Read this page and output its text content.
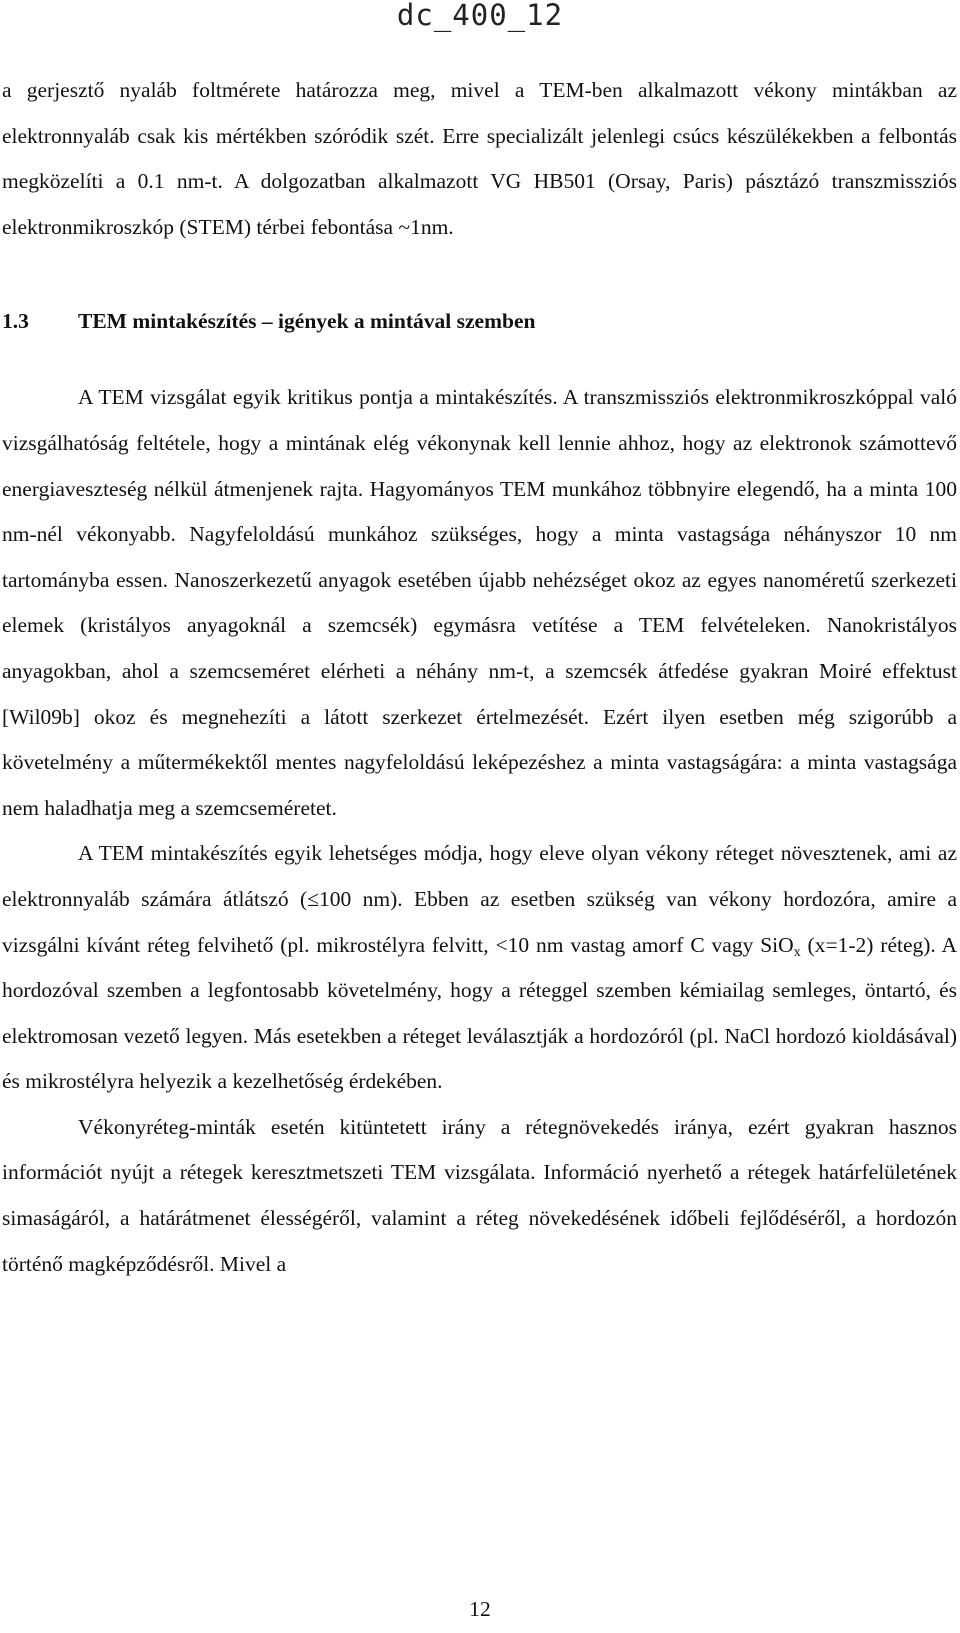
dc_400_12

a gerjesztő nyaláb foltmérete határozza meg, mivel a TEM-ben alkalmazott vékony mintákban az elektronnyaláb csak kis mértékben szóródik szét. Erre specializált jelenlegi csúcs készülékekben a felbontás megközelíti a 0.1 nm-t. A dolgozatban alkalmazott VG HB501 (Orsay, Paris) pásztázó transzmissziós elektronmikroszkóp (STEM) térbei febontása ~1nm.

1.3 TEM mintakészítés – igények a mintával szemben

A TEM vizsgálat egyik kritikus pontja a mintakészítés. A transzmissziós elektronmikroszkóppal való vizsgálhatóság feltétele, hogy a mintának elég vékonynak kell lennie ahhoz, hogy az elektronok számottevő energiaveszteség nélkül átmenjenek rajta. Hagyományos TEM munkához többnyire elegendő, ha a minta 100 nm-nél vékonyabb. Nagyfeloldású munkához szükséges, hogy a minta vastagsága néhányszor 10 nm tartományba essen. Nanoszerkezetű anyagok esetében újabb nehézséget okoz az egyes nanoméretű szerkezeti elemek (kristályos anyagoknál a szemcsék) egymásra vetítése a TEM felvételeken. Nanokristályos anyagokban, ahol a szemcseméret elérheti a néhány nm-t, a szemcsék átfedése gyakran Moiré effektust [Wil09b] okoz és megnehezíti a látott szerkezet értelmezését. Ezért ilyen esetben még szigorúbb a követelmény a műtermékektől mentes nagyfeloldású leképezéshez a minta vastagságára: a minta vastagsága nem haladhatja meg a szemcseméretet.

A TEM mintakészítés egyik lehetséges módja, hogy eleve olyan vékony réteget növesztenek, ami az elektronnyaláb számára átlátszó (≤100 nm). Ebben az esetben szükség van vékony hordozóra, amire a vizsgálni kívánt réteg felvihető (pl. mikrostélyra felvitt, <10 nm vastag amorf C vagy SiO$_x$ (x=1-2) réteg). A hordozóval szemben a legfontosabb követelmény, hogy a réteggel szemben kémiailag semleges, öntartó, és elektromosan vezető legyen. Más esetekben a réteget leválasztják a hordozóról (pl. NaCl hordozó kioldásával) és mikrostélyra helyezik a kezelhetőség érdekében.

Vékonyréteg-minták esetén kitüntetett irány a rétegnövekedés iránya, ezért gyakran hasznos információt nyújt a rétegek keresztmetszeti TEM vizsgálata. Információ nyerhető a rétegek határfelületének simaságáról, a határátmenet élességéről, valamint a réteg növekedésének időbeli fejlődéséről, a hordozón történő magképződésről. Mivel a

12
